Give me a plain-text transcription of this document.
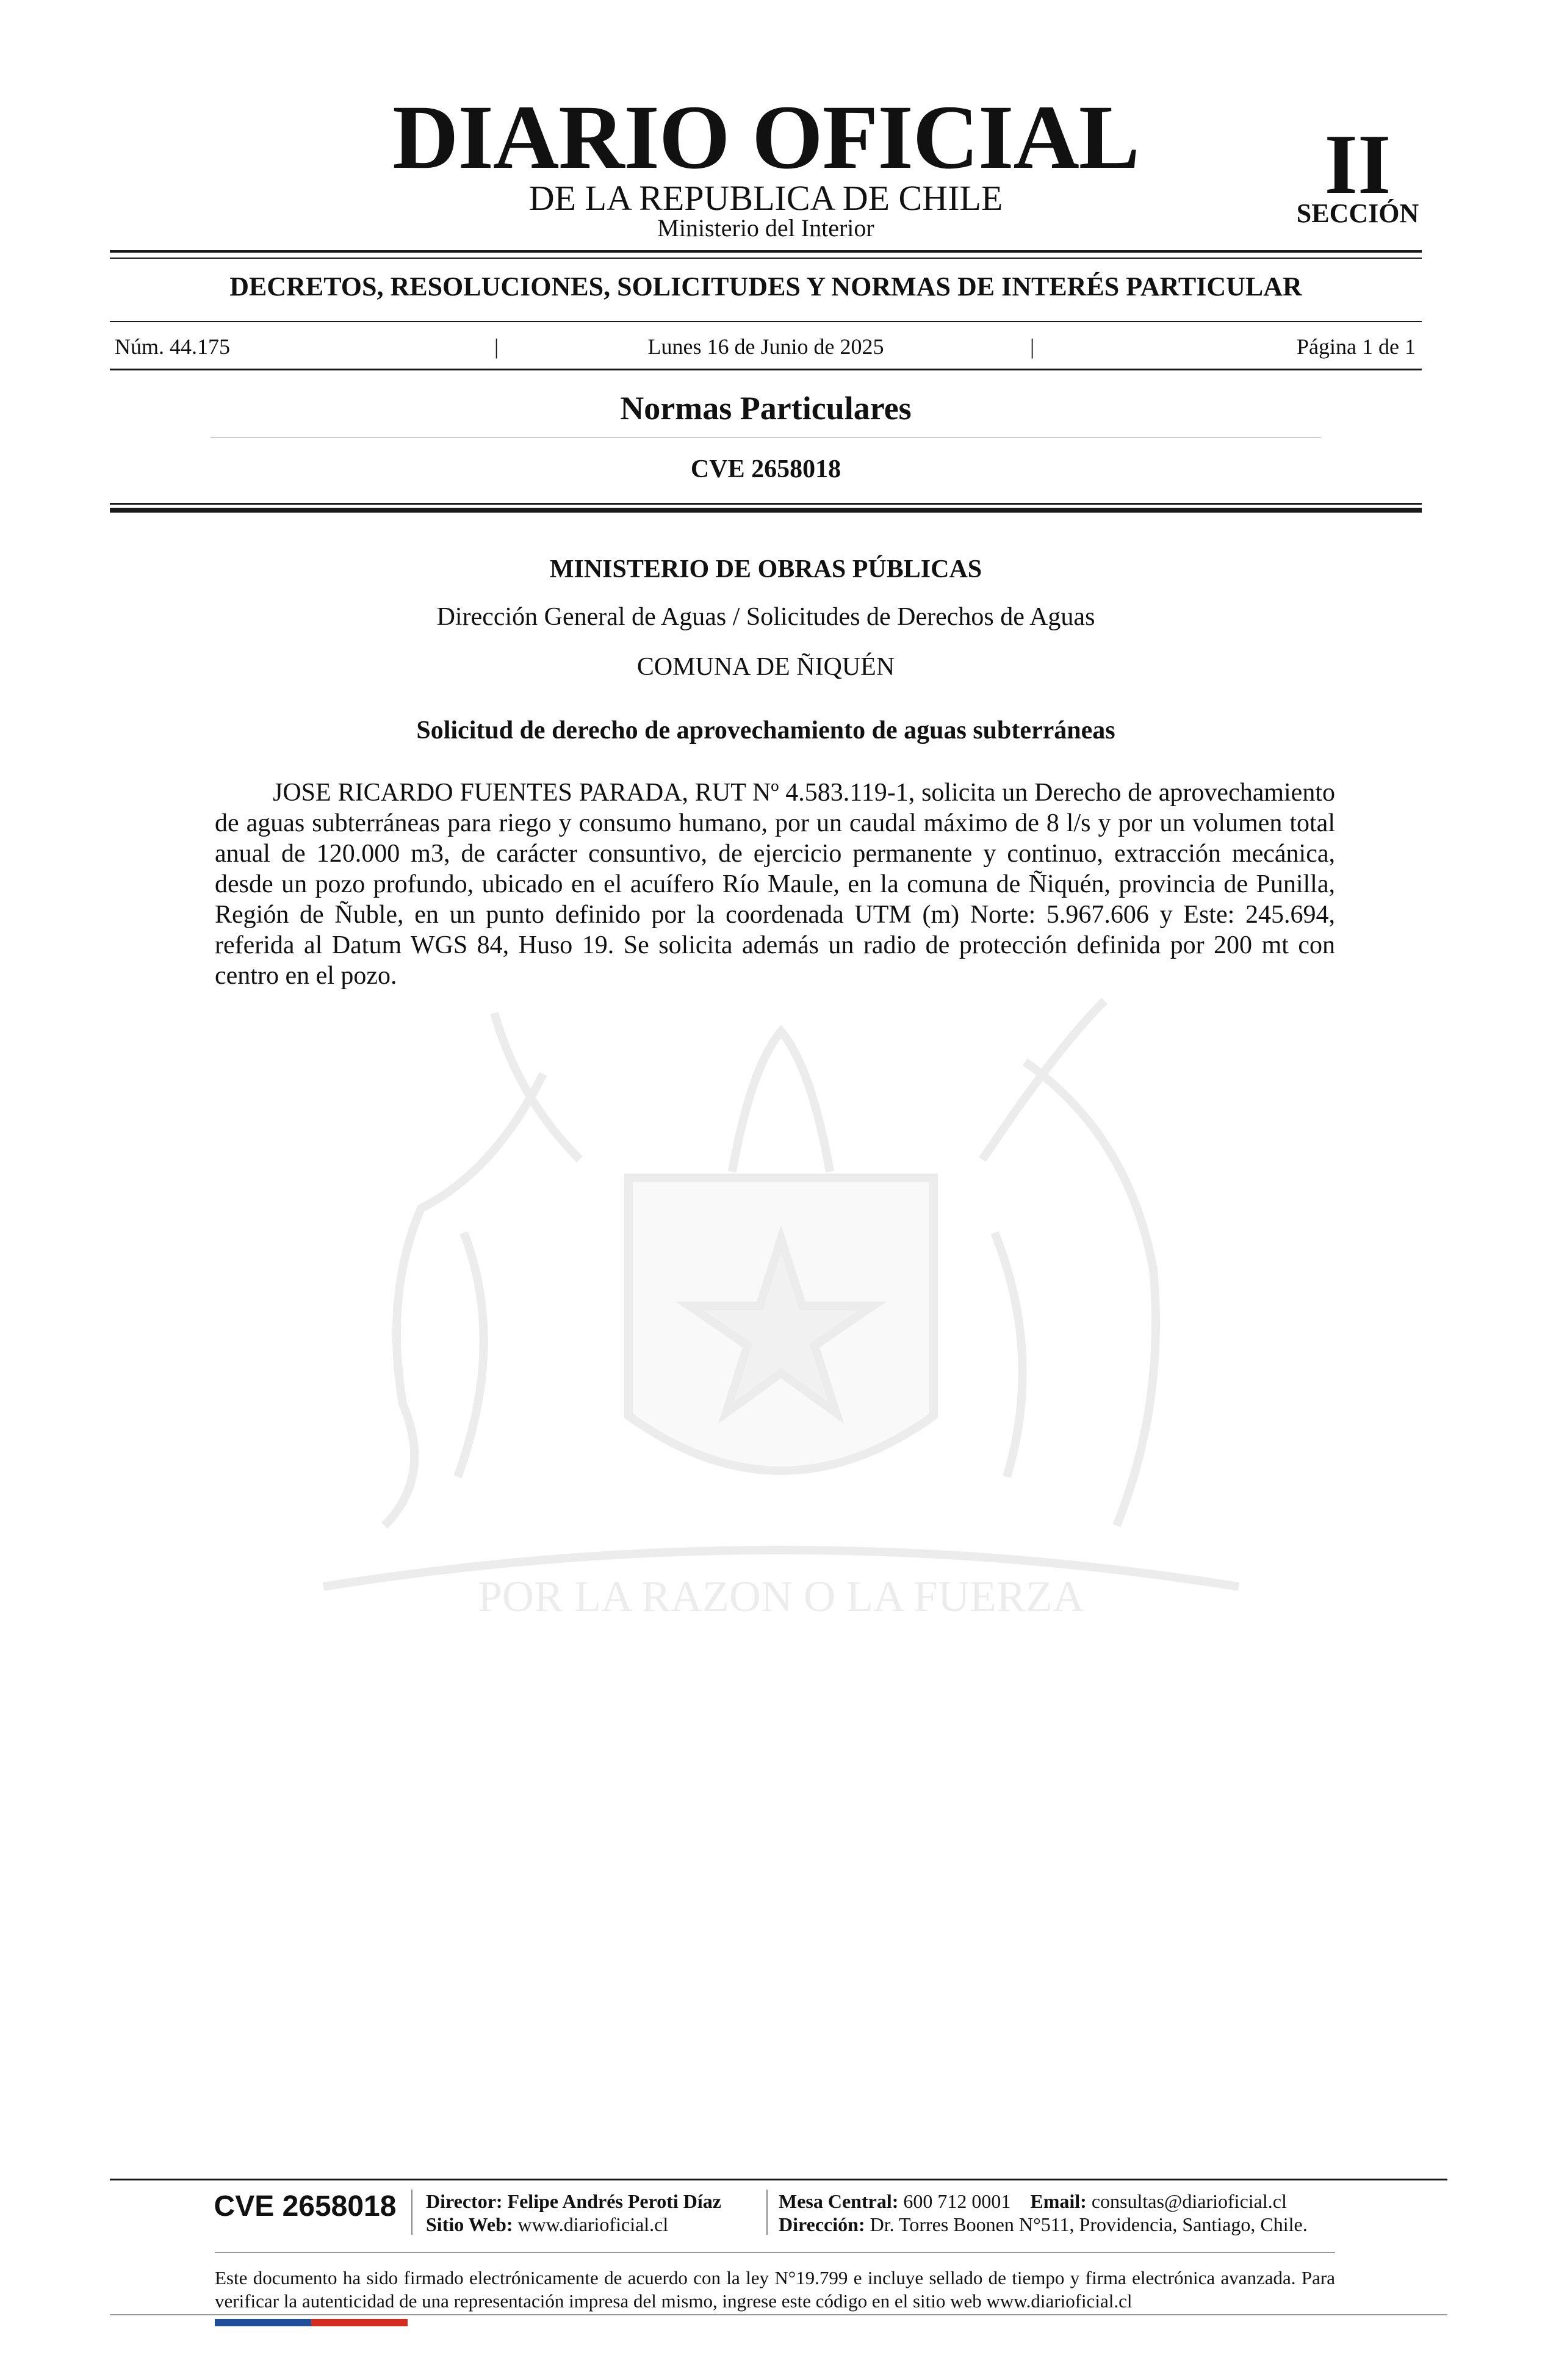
POR LA RAZON O LA FUERZA
DIARIO OFICIAL
DE LA REPUBLICA DE CHILE
Ministerio del Interior
II
SECCIÓN
DECRETOS, RESOLUCIONES, SOLICITUDES Y NORMAS DE INTERÉS PARTICULAR
Núm. 44.175	|	Lunes 16 de Junio de 2025	|	Página 1 de 1
Normas Particulares
CVE 2658018
MINISTERIO DE OBRAS PÚBLICAS
Dirección General de Aguas / Solicitudes de Derechos de Aguas
COMUNA DE ÑIQUÉN
Solicitud de derecho de aprovechamiento de aguas subterráneas

JOSE RICARDO FUENTES PARADA, RUT Nº 4.583.119-1, solicita un Derecho de aprovechamiento de aguas subterráneas para riego y consumo humano, por un caudal máximo de 8 l/s y por un volumen total anual de 120.000 m3, de carácter consuntivo, de ejercicio permanente y continuo, extracción mecánica, desde un pozo profundo, ubicado en el acuífero Río Maule, en la comuna de Ñiquén, provincia de Punilla, Región de Ñuble, en un punto definido por la coordenada UTM (m) Norte: 5.967.606 y Este: 245.694, referida al Datum WGS 84, Huso 19. Se solicita además un radio de protección definida por 200 mt con centro en el pozo.

CVE 2658018	Director: Felipe Andrés Peroti Díaz
Sitio Web: www.diarioficial.cl
Mesa Central: 600 712 0001 Email: consultas@diarioficial.cl
Dirección: Dr. Torres Boonen N°511, Providencia, Santiago, Chile.

Este documento ha sido firmado electrónicamente de acuerdo con la ley N°19.799 e incluye sellado de tiempo y firma electrónica avanzada. Para verificar la autenticidad de una representación impresa del mismo, ingrese este código en el sitio web www.diarioficial.cl
